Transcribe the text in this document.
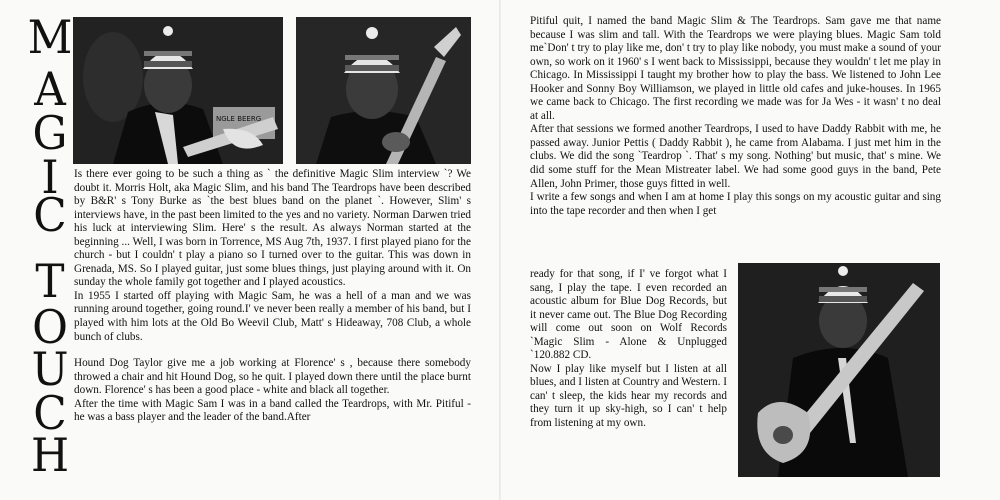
M
A
G
I
C
T
O
U
C
H
NGLE BEERG

Is there ever going to be such a thing as ` the definitive Magic Slim interview `? We doubt it. Morris Holt, aka Magic Slim, and his band The Teardrops have been described by B&R' s Tony Burke as `the best blues band on the planet `. However, Slim' s interviews have, in the past been limited to the yes and no variety. Norman Darwen tried his luck at interviewing Slim. Here' s the result. As always Norman started at the beginning ... Well, I was born in Torrence, MS Aug 7th, 1937. I first played piano for the church - but I couldn' t play a piano so I turned over to the guitar. This was down in Grenada, MS. So I played guitar, just some blues things, just playing around with it. On sunday the whole family got together and I played acoustics.

In 1955 I started off playing with Magic Sam, he was a hell of a man and we was running around together, going round.I' ve never been really a member of his band, but I played with him lots at the Old Bo Weevil Club, Matt' s Hideaway, 708 Club, a whole bunch of clubs.

Hound Dog Taylor give me a job working at Florence' s , because there somebody throwed a chair and hit Hound Dog, so he quit. I played down there until the place burnt down. Florence' s has been a good place - white and black all together.

After the time with Magic Sam I was in a band called the Teardrops, with Mr. Pitiful - he was a bass player and the leader of the band.After

Pitiful quit, I named the band Magic Slim & The Teardrops. Sam gave me that name because I was slim and tall. With the Teardrops we were playing blues. Magic Sam told me`Don' t try to play like me, don' t try to play like nobody, you must make a sound of your own, so work on it 1960' s I went back to Mississippi, because they wouldn' t let me play in Chicago. In Mississippi I taught my brother how to play the bass. We listened to John Lee Hooker and Sonny Boy Williamson, we played in little old cafes and juke-houses. In 1965 we came back to Chicago. The first recording we made was for Ja Wes - it wasn' t no deal at all.

After that sessions we formed another Teardrops, I used to have Daddy Rabbit with me, he passed away. Junior Pettis ( Daddy Rabbit ), he came from Alabama. I just met him in the clubs. We did the song `Teardrop `. That' s my song. Nothing' but music, that' s mine. We did some stuff for the Mean Mistreater label. We had some good guys in the band, Pete Allen, John Primer, those guys fitted in well.

I write a few songs and when I am at home I play this songs on my acoustic guitar and sing into the tape recorder and then when I get

ready for that song, if I' ve forgot what I sang, I play the tape. I even recorded an acoustic album for Blue Dog Records, but it never came out. The Blue Dog Recording will come out soon on Wolf Records `Magic Slim - Alone & Unplugged `120.882 CD.

Now I play like myself but I listen at all blues, and I listen at Country and Western. I can' t sleep, the kids hear my records and they turn it up sky-high, so I can' t help from listening at my own.
